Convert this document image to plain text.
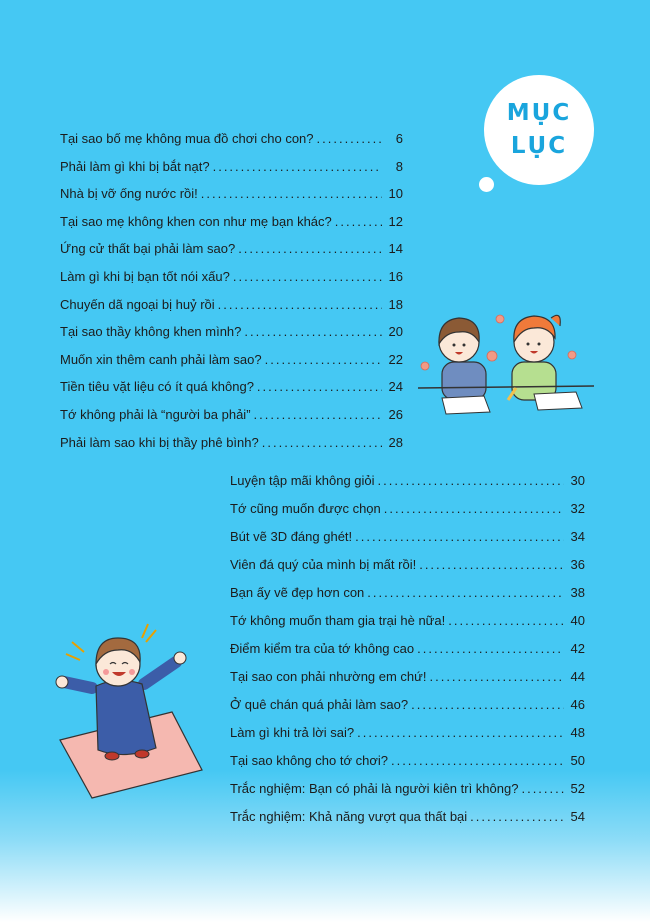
MỤC
LỤC
Tại sao bố mẹ không mua đồ chơi cho con? .....	6
Phải làm gì khi bị bắt nạt? .....	8
Nhà bị vỡ ống nước rồi! .....	10
Tại sao mẹ không khen con như mẹ bạn khác? .....	12
Ứng cử thất bại phải làm sao? .....	14
Làm gì khi bị bạn tốt nói xấu? .....	16
Chuyến dã ngoại bị huỷ rồi .....	18
Tại sao thầy không khen mình? .....	20
Muốn xin thêm canh phải làm sao? .....	22
Tiền tiêu vặt liệu có ít quá không? .....	24
Tớ không phải là “người ba phải” .....	26
Phải làm sao khi bị thầy phê bình? .....	28
Luyện tập mãi không giỏi .....	30
Tớ cũng muốn được chọn .....	32
Bút vẽ 3D đáng ghét! .....	34
Viên đá quý của mình bị mất rồi! .....	36
Bạn ấy vẽ đẹp hơn con .....	38
Tớ không muốn tham gia trại hè nữa! .....	40
Điểm kiểm tra của tớ không cao .....	42
Tại sao con phải nhường em chứ! .....	44
Ở quê chán quá phải làm sao? .....	46
Làm gì khi trả lời sai? .....	48
Tại sao không cho tớ chơi? .....	50
Trắc nghiệm: Bạn có phải là người kiên trì không? .....	52
Trắc nghiệm: Khả năng vượt qua thất bại .....	54
